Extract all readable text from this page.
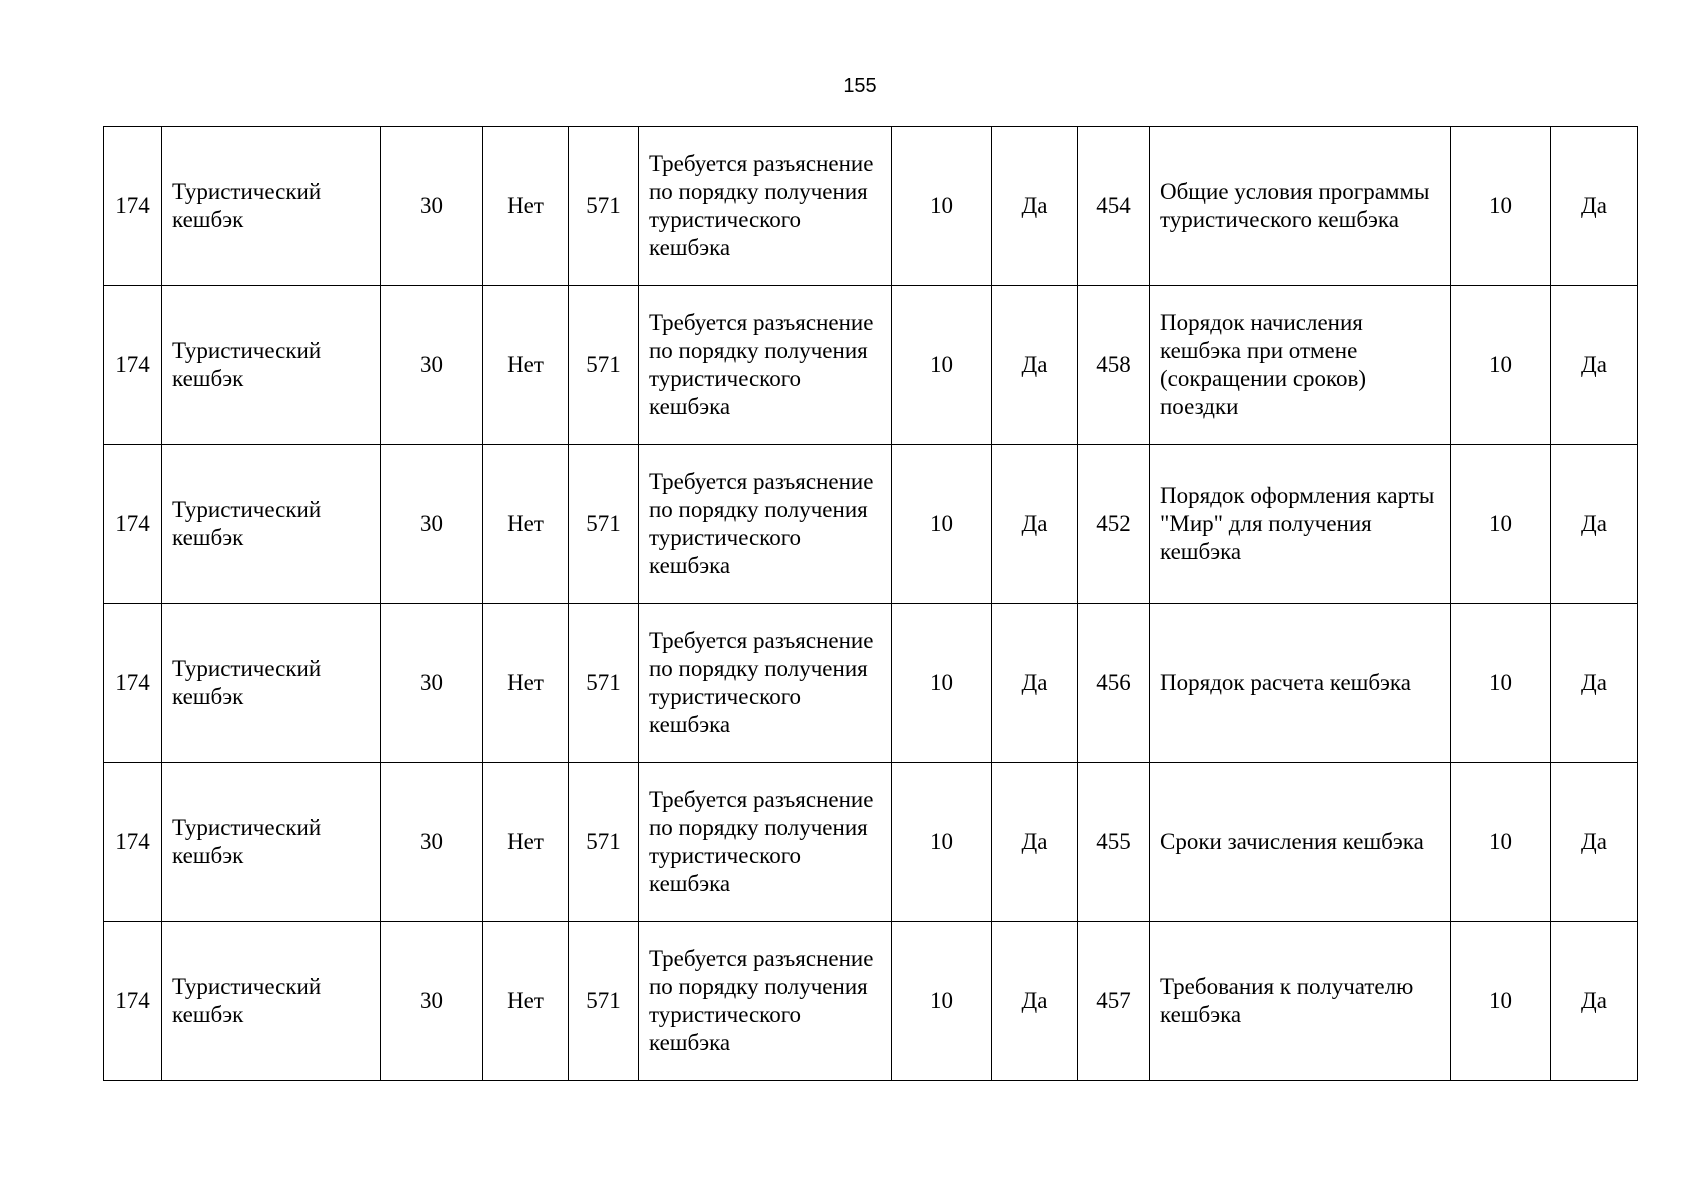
155
174	Туристический кешбэк	30	Нет	571	Требуется разъяснение по порядку получения туристического кешбэка	10	Да	454	Общие условия программы туристического кешбэка	10	Да
174	Туристический кешбэк	30	Нет	571	Требуется разъяснение по порядку получения туристического кешбэка	10	Да	458	Порядок начисления кешбэка при отмене (сокращении сроков) поездки	10	Да
174	Туристический кешбэк	30	Нет	571	Требуется разъяснение по порядку получения туристического кешбэка	10	Да	452	Порядок оформления карты "Мир" для получения кешбэка	10	Да
174	Туристический кешбэк	30	Нет	571	Требуется разъяснение по порядку получения туристического кешбэка	10	Да	456	Порядок расчета кешбэка	10	Да
174	Туристический кешбэк	30	Нет	571	Требуется разъяснение по порядку получения туристического кешбэка	10	Да	455	Сроки зачисления кешбэка	10	Да
174	Туристический кешбэк	30	Нет	571	Требуется разъяснение по порядку получения туристического кешбэка	10	Да	457	Требования к получателю кешбэка	10	Да
